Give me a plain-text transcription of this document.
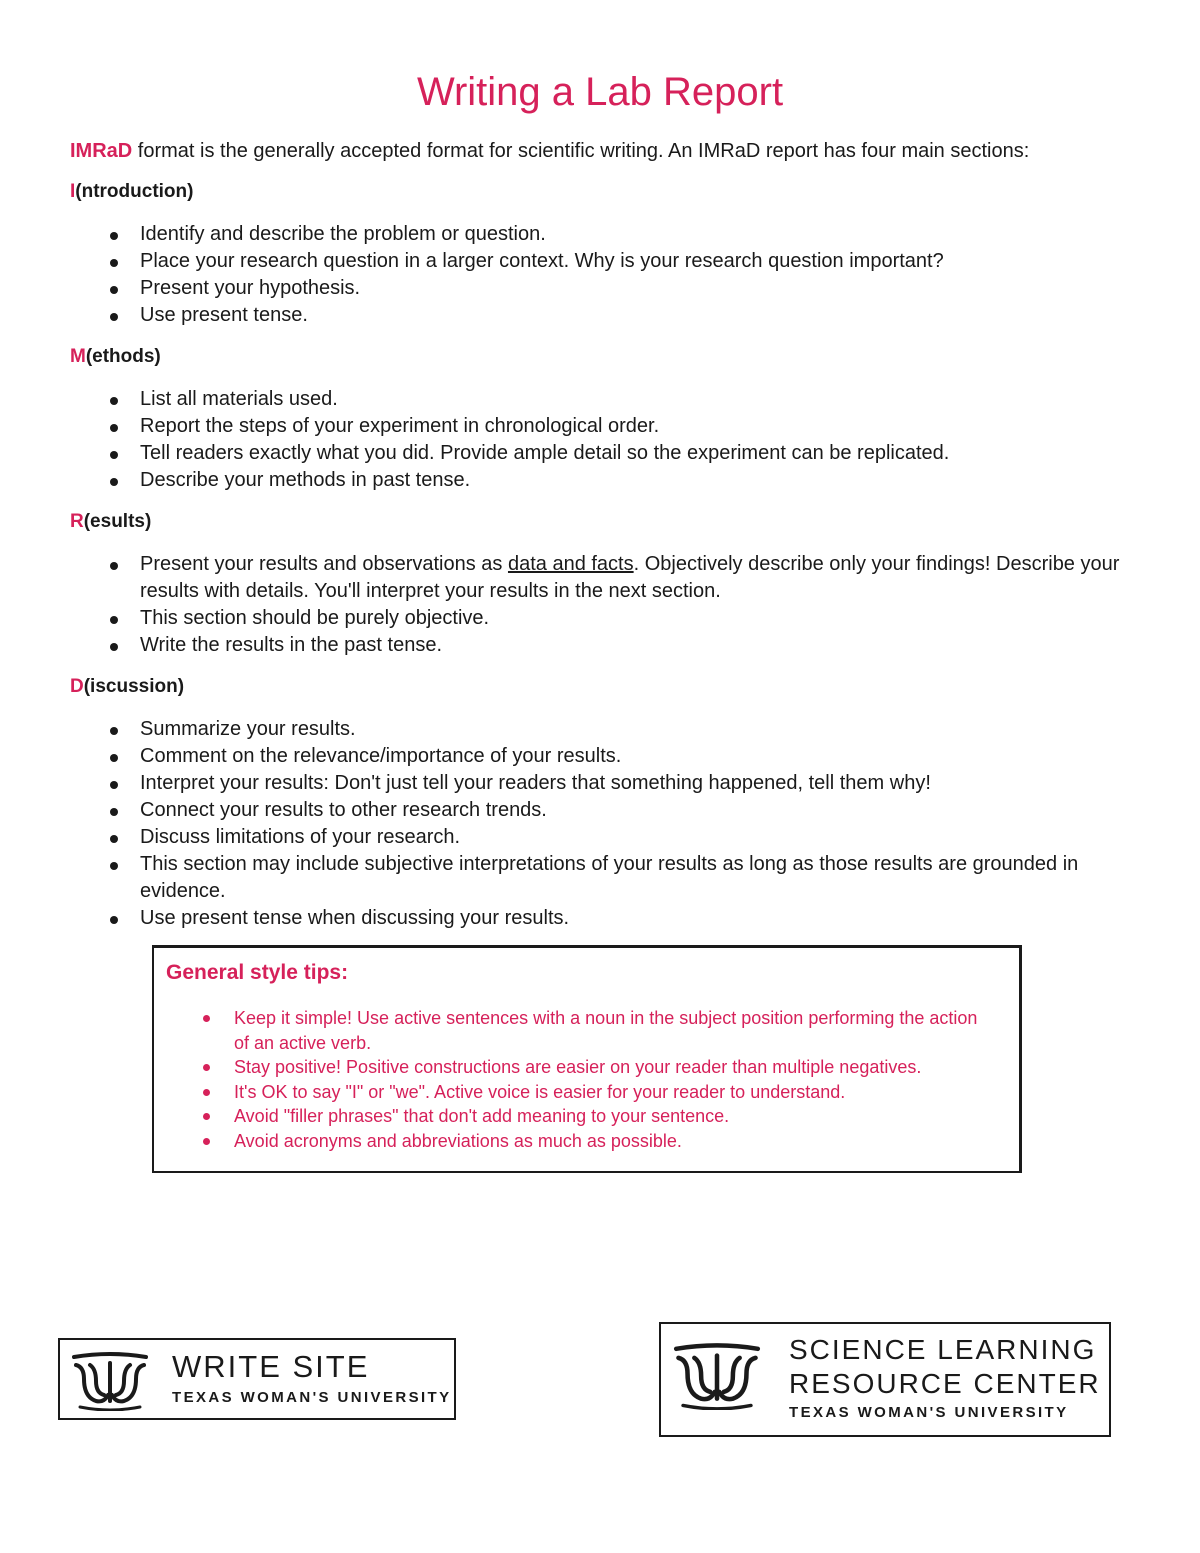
Writing a Lab Report

IMRaD format is the generally accepted format for scientific writing. An IMRaD report has four main sections:

I(ntroduction)

Identify and describe the problem or question.
Place your research question in a larger context. Why is your research question important?
Present your hypothesis.
Use present tense.

M(ethods)

List all materials used.
Report the steps of your experiment in chronological order.
Tell readers exactly what you did. Provide ample detail so the experiment can be replicated.
Describe your methods in past tense.

R(esults)

Present your results and observations as data and facts. Objectively describe only your findings! Describe your results with details. You'll interpret your results in the next section.
This section should be purely objective.
Write the results in the past tense.

D(iscussion)

Summarize your results.
Comment on the relevance/importance of your results.
Interpret your results: Don't just tell your readers that something happened, tell them why!
Connect your results to other research trends.
Discuss limitations of your research.
This section may include subjective interpretations of your results as long as those results are grounded in evidence.
Use present tense when discussing your results.

General style tips:

Keep it simple! Use active sentences with a noun in the subject position performing the action of an active verb.
Stay positive! Positive constructions are easier on your reader than multiple negatives.
It's OK to say "I" or "we". Active voice is easier for your reader to understand.
Avoid "filler phrases" that don't add meaning to your sentence.
Avoid acronyms and abbreviations as much as possible.
WRITE SITE
TEXAS WOMAN'S UNIVERSITY
SCIENCE LEARNING
RESOURCE CENTER
TEXAS WOMAN'S UNIVERSITY
